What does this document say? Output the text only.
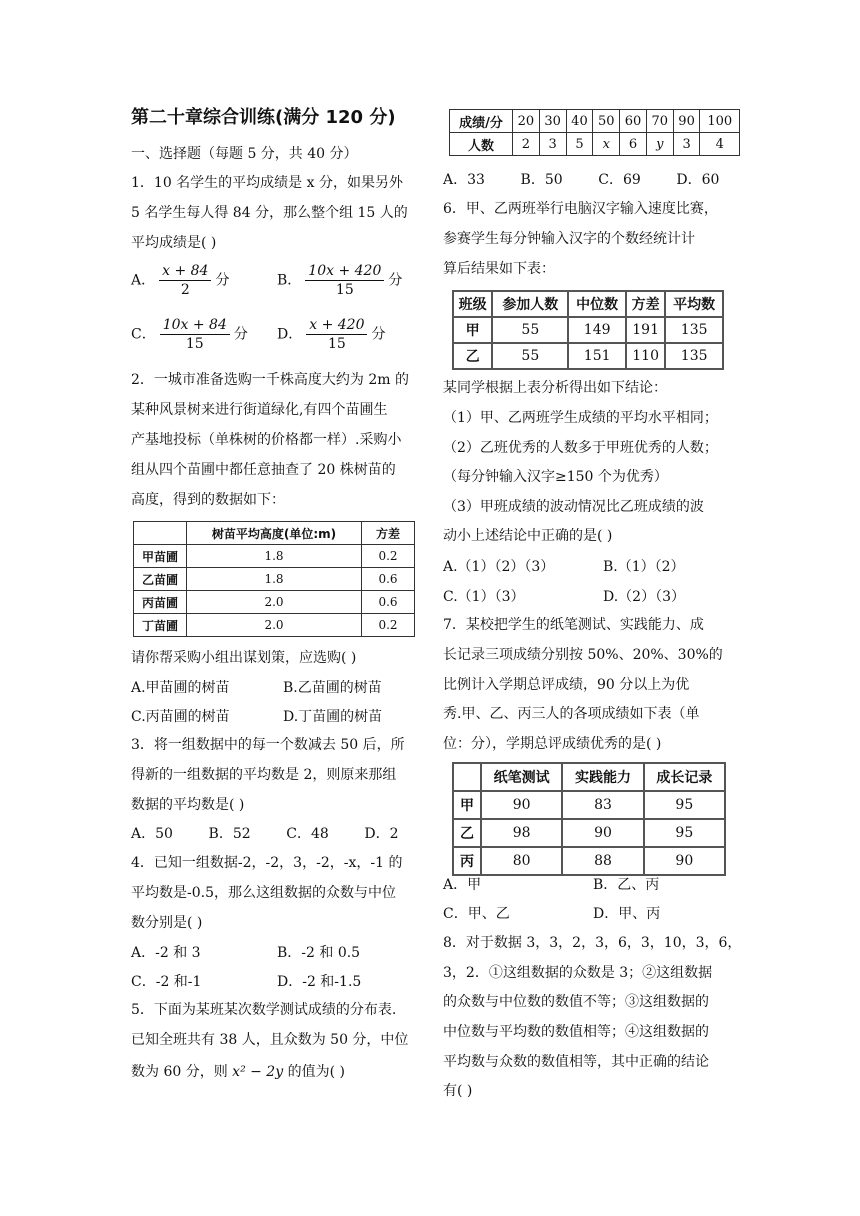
第二十章综合训练(满分 120 分)
一、选择题（每题 5 分，共 40 分）
1．10 名学生的平均成绩是 x 分，如果另外
5 名学生每人得 84 分，那么整个组 15 人的
平均成绩是( )
A． $\frac{x + 84}{2}$ 分	B． $\frac{10x + 420}{15}$ 分
C． $\frac{10x + 84}{15}$ 分 D． $\frac{x + 420}{15}$ 分
2．一城市准备选购一千株高度大约为 2m 的
某种风景树来进行街道绿化,有四个苗圃生
产基地投标（单株树的价格都一样）.采购小
组从四个苗圃中都任意抽查了 20 株树苗的
高度，得到的数据如下：
	树苗平均高度(单位:m)	方差
甲苗圃	1.8	0.2
乙苗圃	1.8	0.6
丙苗圃	2.0	0.6
丁苗圃	2.0	0.2
请你帮采购小组出谋划策，应选购( )
A.甲苗圃的树苗	B.乙苗圃的树苗
C.丙苗圃的树苗	D.丁苗圃的树苗
3．将一组数据中的每一个数减去 50 后，所
得新的一组数据的平均数是 2，则原来那组
数据的平均数是( )
A．50        B．52        C．48        D．2
4．已知一组数据-2，-2，3，-2，-x，-1 的
平均数是-0.5，那么这组数据的众数与中位
数分别是( )
A．-2 和 3	B．-2 和 0.5
C．-2 和-1	D．-2 和-1.5
5．下面为某班某次数学测试成绩的分布表.
已知全班共有 38 人，且众数为 50 分，中位
数为 60 分，则 x² − 2y 的值为( )
成绩/分	20	30	40	50	60	70	90	100
人数	2	3	5	x	6	y	3	4
A．33        B．50        C．69        D．60
6．甲、乙两班举行电脑汉字输入速度比赛，
参赛学生每分钟输入汉字的个数经统计计
算后结果如下表：
班级	参加人数	中位数	方差	平均数
甲	55	149	191	135
乙	55	151	110	135
某同学根据上表分析得出如下结论：
（1）甲、乙两班学生成绩的平均水平相同；
（2）乙班优秀的人数多于甲班优秀的人数；
（每分钟输入汉字≥150 个为优秀）
（3）甲班成绩的波动情况比乙班成绩的波
动小上述结论中正确的是( )
A.（1）（2）（3）	B.（1）（2）
C.（1）（3）	D.（2）（3）
7．某校把学生的纸笔测试、实践能力、成
长记录三项成绩分别按 50%、20%、30%的
比例计入学期总评成绩，90 分以上为优
秀.甲、乙、丙三人的各项成绩如下表（单
位：分），学期总评成绩优秀的是( )
	纸笔测试	实践能力	成长记录
甲	90	83	95
乙	98	90	95
丙	80	88	90
A．甲	B．乙、丙
C．甲、乙	D．甲、丙
8．对于数据 3，3，2，3，6，3，10，3，6，
3，2．①这组数据的众数是 3；②这组数据
的众数与中位数的数值不等；③这组数据的
中位数与平均数的数值相等；④这组数据的
平均数与众数的数值相等，其中正确的结论
有( )
